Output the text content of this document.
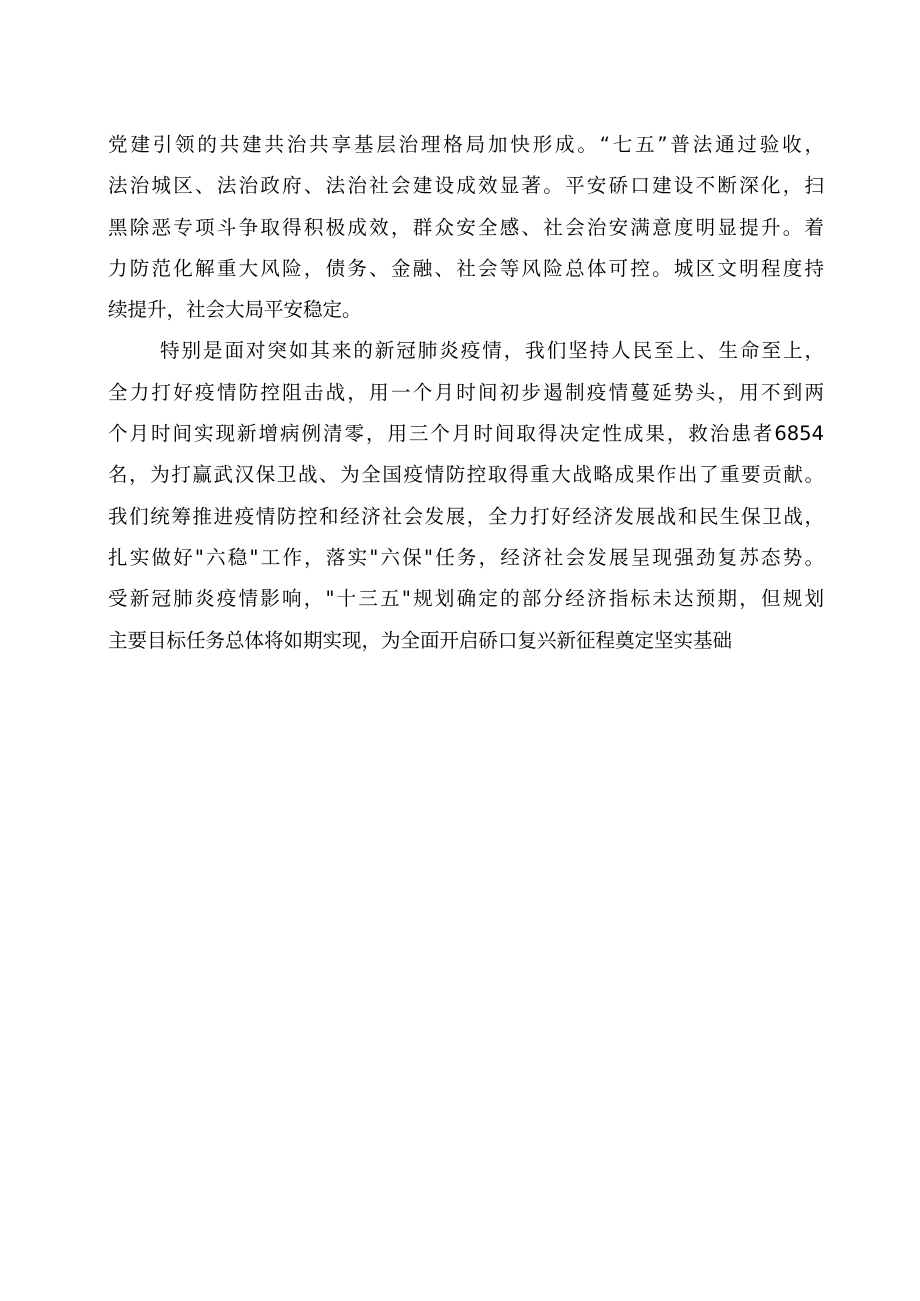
党建引领的共建共治共享基层治理格局加快形成。“七五”普法通过验收，
法治城区、法治政府、法治社会建设成效显著。平安硚口建设不断深化，扫
黑除恶专项斗争取得积极成效，群众安全感、社会治安满意度明显提升。着
力防范化解重大风险，债务、金融、社会等风险总体可控。城区文明程度持
续提升，社会大局平安稳定。
特别是面对突如其来的新冠肺炎疫情，我们坚持人民至上、生命至上，
全力打好疫情防控阻击战，用一个月时间初步遏制疫情蔓延势头，用不到两
个月时间实现新增病例清零，用三个月时间取得决定性成果，救治患者6854
名，为打赢武汉保卫战、为全国疫情防控取得重大战略成果作出了重要贡献。
我们统筹推进疫情防控和经济社会发展，全力打好经济发展战和民生保卫战，
扎实做好"六稳"工作，落实"六保"任务，经济社会发展呈现强劲复苏态势。
受新冠肺炎疫情影响，"十三五"规划确定的部分经济指标未达预期，但规划
主要目标任务总体将如期实现，为全面开启硚口复兴新征程奠定坚实基础
